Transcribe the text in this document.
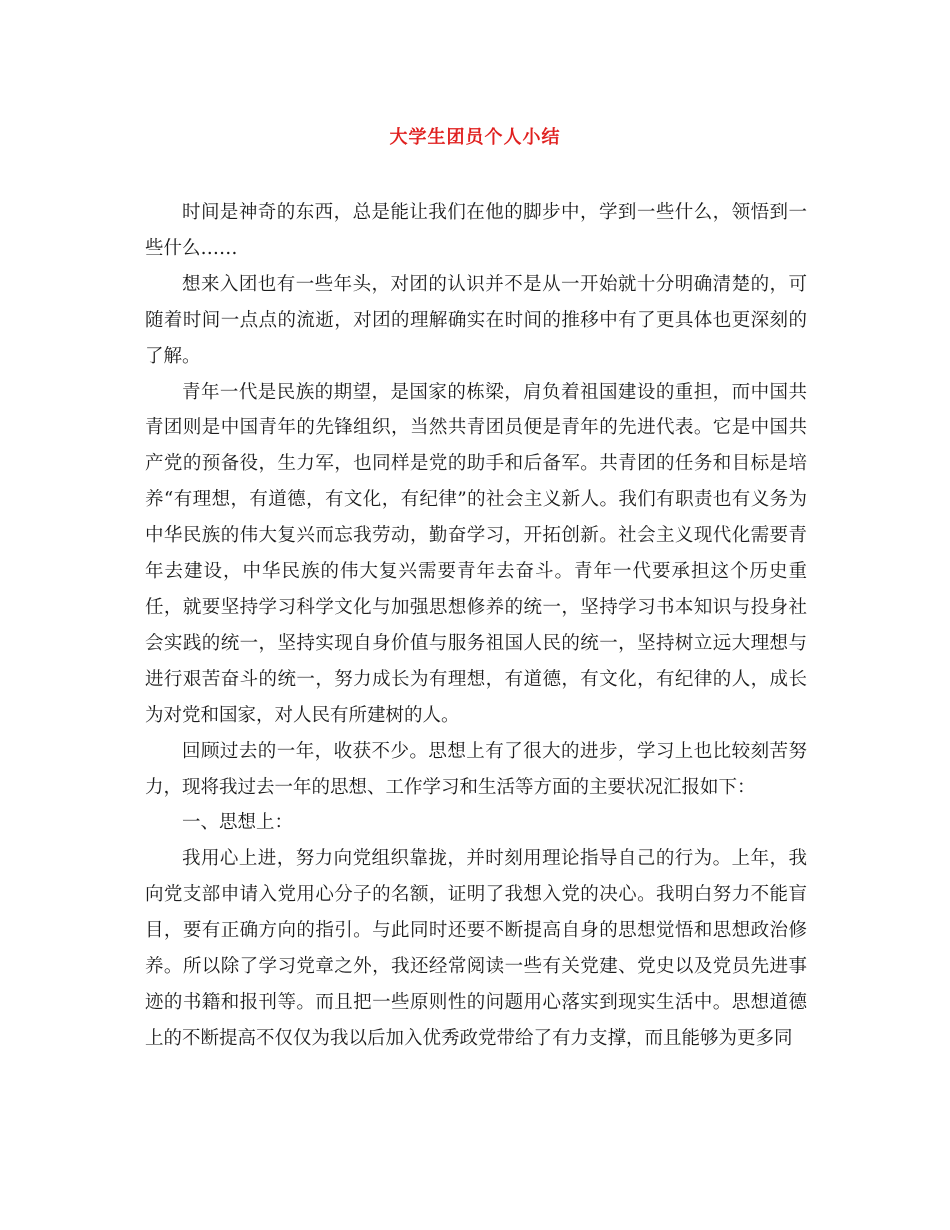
大学生团员个人小结

时间是神奇的东西，总是能让我们在他的脚步中，学到一些什么，领悟到一些什么……

想来入团也有一些年头，对团的认识并不是从一开始就十分明确清楚的，可随着时间一点点的流逝，对团的理解确实在时间的推移中有了更具体也更深刻的了解。

青年一代是民族的期望，是国家的栋梁，肩负着祖国建设的重担，而中国共青团则是中国青年的先锋组织，当然共青团员便是青年的先进代表。它是中国共产党的预备役，生力军，也同样是党的助手和后备军。共青团的任务和目标是培养“有理想，有道德，有文化，有纪律”的社会主义新人。我们有职责也有义务为中华民族的伟大复兴而忘我劳动，勤奋学习，开拓创新。社会主义现代化需要青年去建设，中华民族的伟大复兴需要青年去奋斗。青年一代要承担这个历史重任，就要坚持学习科学文化与加强思想修养的统一，坚持学习书本知识与投身社会实践的统一，坚持实现自身价值与服务祖国人民的统一，坚持树立远大理想与进行艰苦奋斗的统一，努力成长为有理想，有道德，有文化，有纪律的人，成长为对党和国家，对人民有所建树的人。

回顾过去的一年，收获不少。思想上有了很大的进步，学习上也比较刻苦努力，现将我过去一年的思想、工作学习和生活等方面的主要状况汇报如下：

一、思想上：

我用心上进，努力向党组织靠拢，并时刻用理论指导自己的行为。上年，我向党支部申请入党用心分子的名额，证明了我想入党的决心。我明白努力不能盲目，要有正确方向的指引。与此同时还要不断提高自身的思想觉悟和思想政治修养。所以除了学习党章之外，我还经常阅读一些有关党建、党史以及党员先进事迹的书籍和报刊等。而且把一些原则性的问题用心落实到现实生活中。思想道德上的不断提高不仅仅为我以后加入优秀政党带给了有力支撑，而且能够为更多同
